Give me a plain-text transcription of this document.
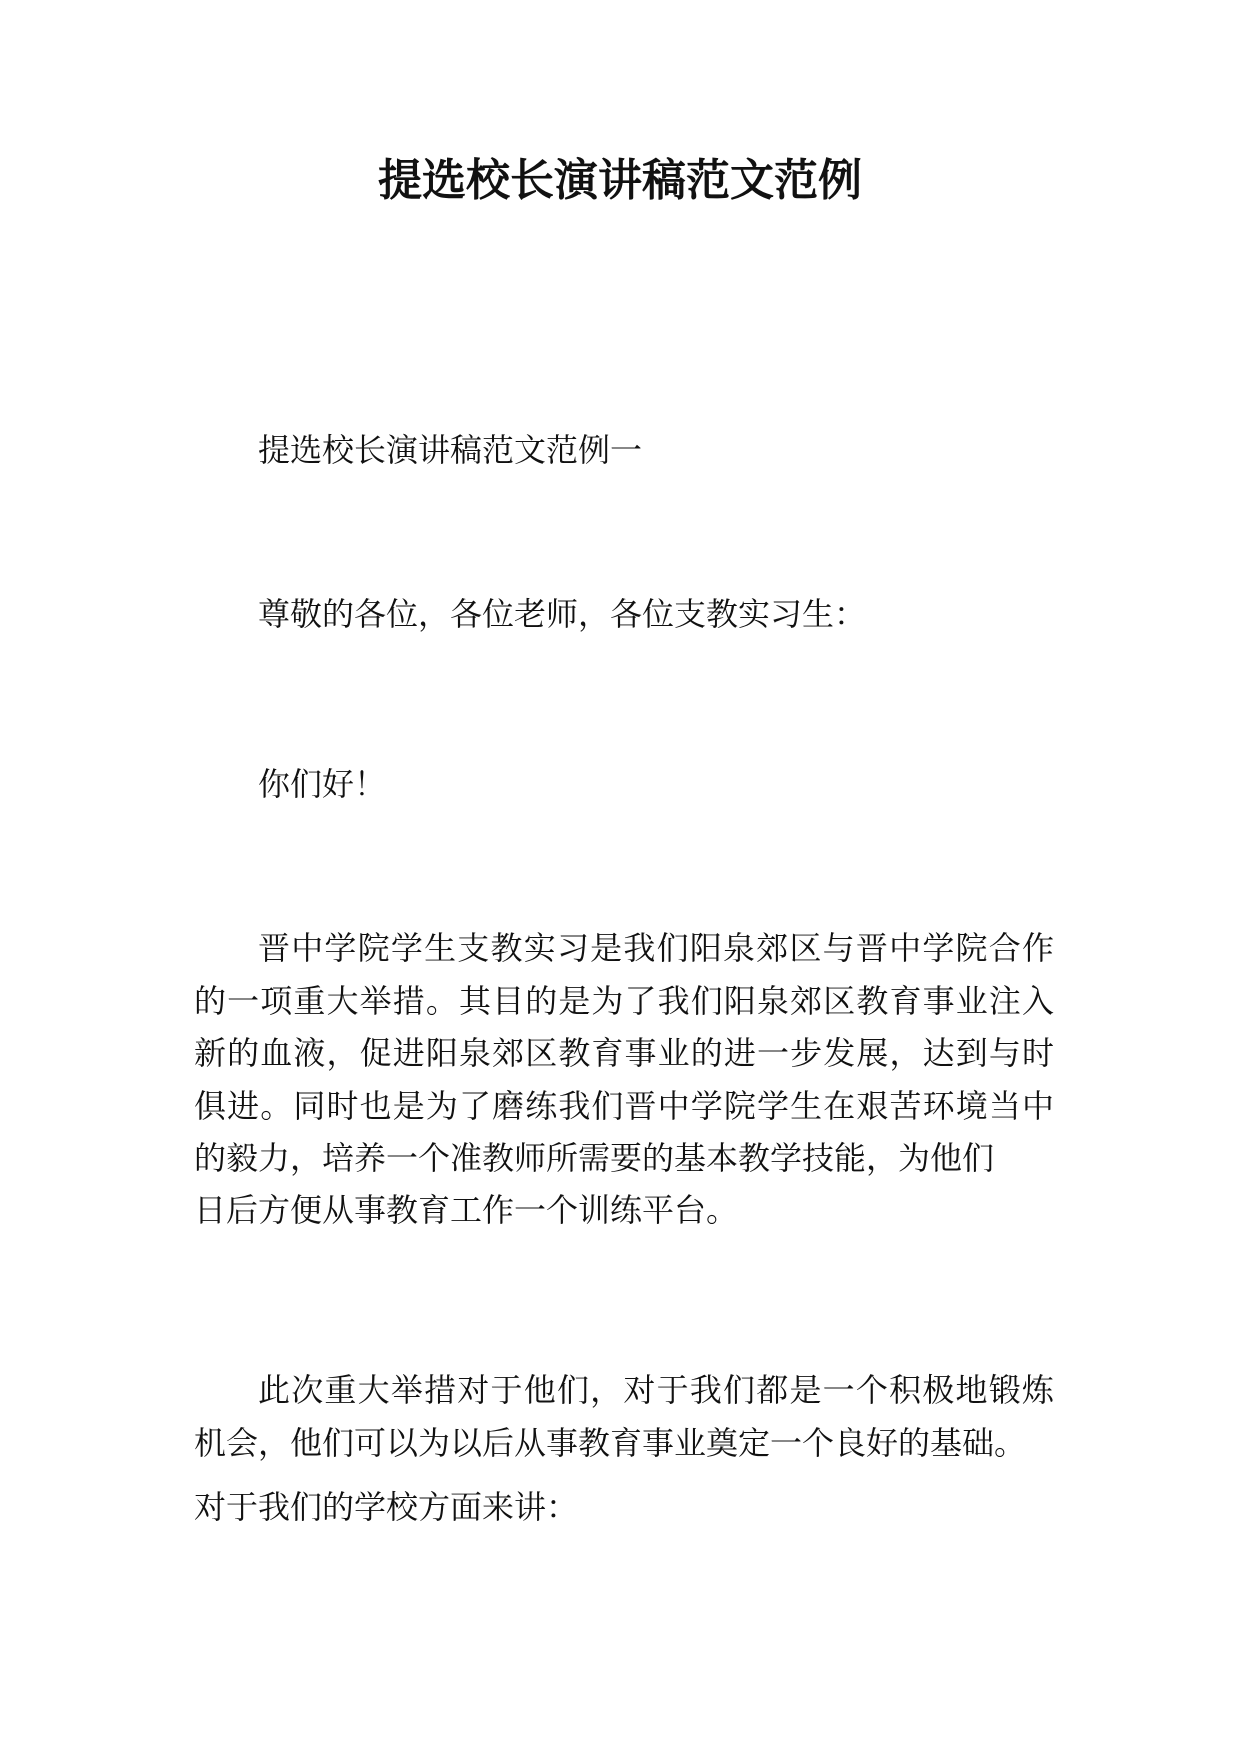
提选校长演讲稿范文范例

提选校长演讲稿范文范例一

尊敬的各位，各位老师，各位支教实习生：

你们好！

晋中学院学生支教实习是我们阳泉郊区与晋中学院合作的一项重大举措。其目的是为了我们阳泉郊区教育事业注入新的血液，促进阳泉郊区教育事业的进一步发展，达到与时俱进。同时也是为了磨练我们晋中学院学生在艰苦环境当中的毅力，培养一个准教师所需要的基本教学技能，为他们

日后方便从事教育工作一个训练平台。

此次重大举措对于他们，对于我们都是一个积极地锻炼机会，他们可以为以后从事教育事业奠定一个良好的基础。

对于我们的学校方面来讲：
